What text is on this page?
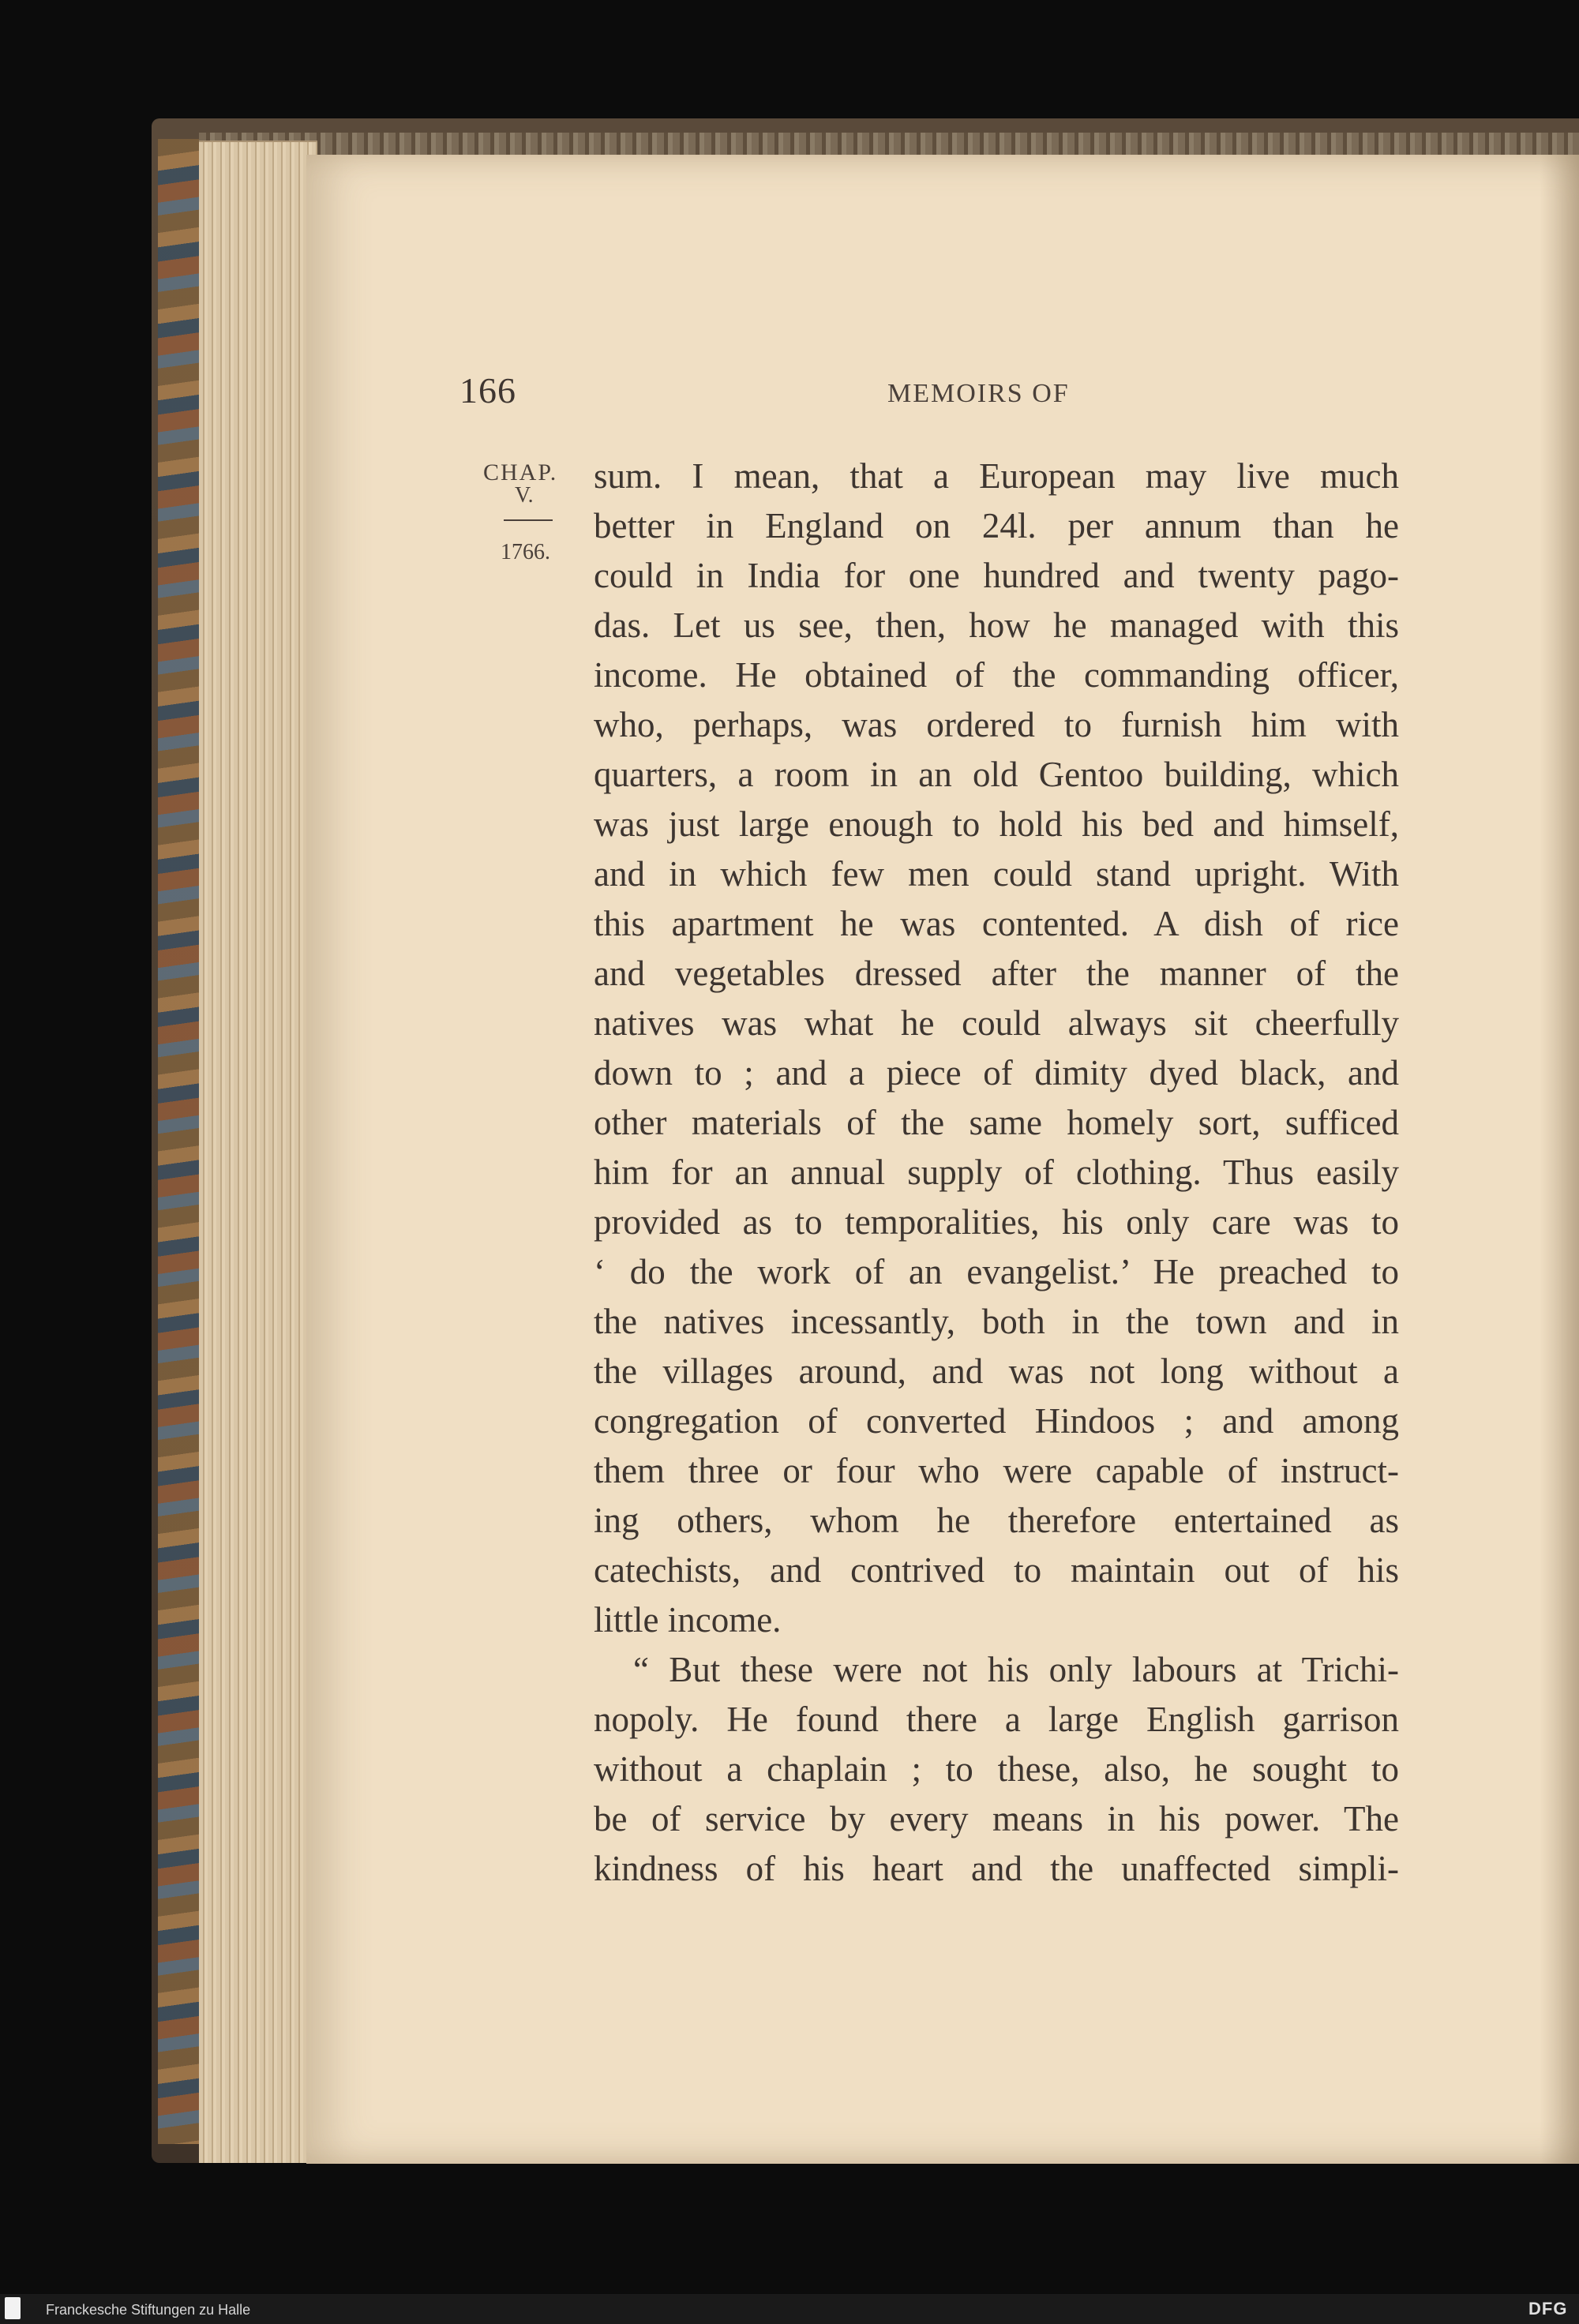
166	MEMOIRS OF
CHAP.
V.
1766.
sum. I mean, that a European may live much
better in England on 24l. per annum than he
could in India for one hundred and twenty pago-
das. Let us see, then, how he managed with this
income. He obtained of the commanding officer,
who, perhaps, was ordered to furnish him with
quarters, a room in an old Gentoo building, which
was just large enough to hold his bed and himself,
and in which few men could stand upright. With
this apartment he was contented. A dish of rice
and vegetables dressed after the manner of the
natives was what he could always sit cheerfully
down to ; and a piece of dimity dyed black, and
other materials of the same homely sort, sufficed
him for an annual supply of clothing. Thus easily
provided as to temporalities, his only care was to
‘ do the work of an evangelist.’ He preached to
the natives incessantly, both in the town and in
the villages around, and was not long without a
congregation of converted Hindoos ; and among
them three or four who were capable of instruct-
ing others, whom he therefore entertained as
catechists, and contrived to maintain out of his
little income.
“ But these were not his only labours at Trichi-
nopoly. He found there a large English garrison
without a chaplain ; to these, also, he sought to
be of service by every means in his power. The
kindness of his heart and the unaffected simpli-
Franckesche Stiftungen zu Halle	DFG
